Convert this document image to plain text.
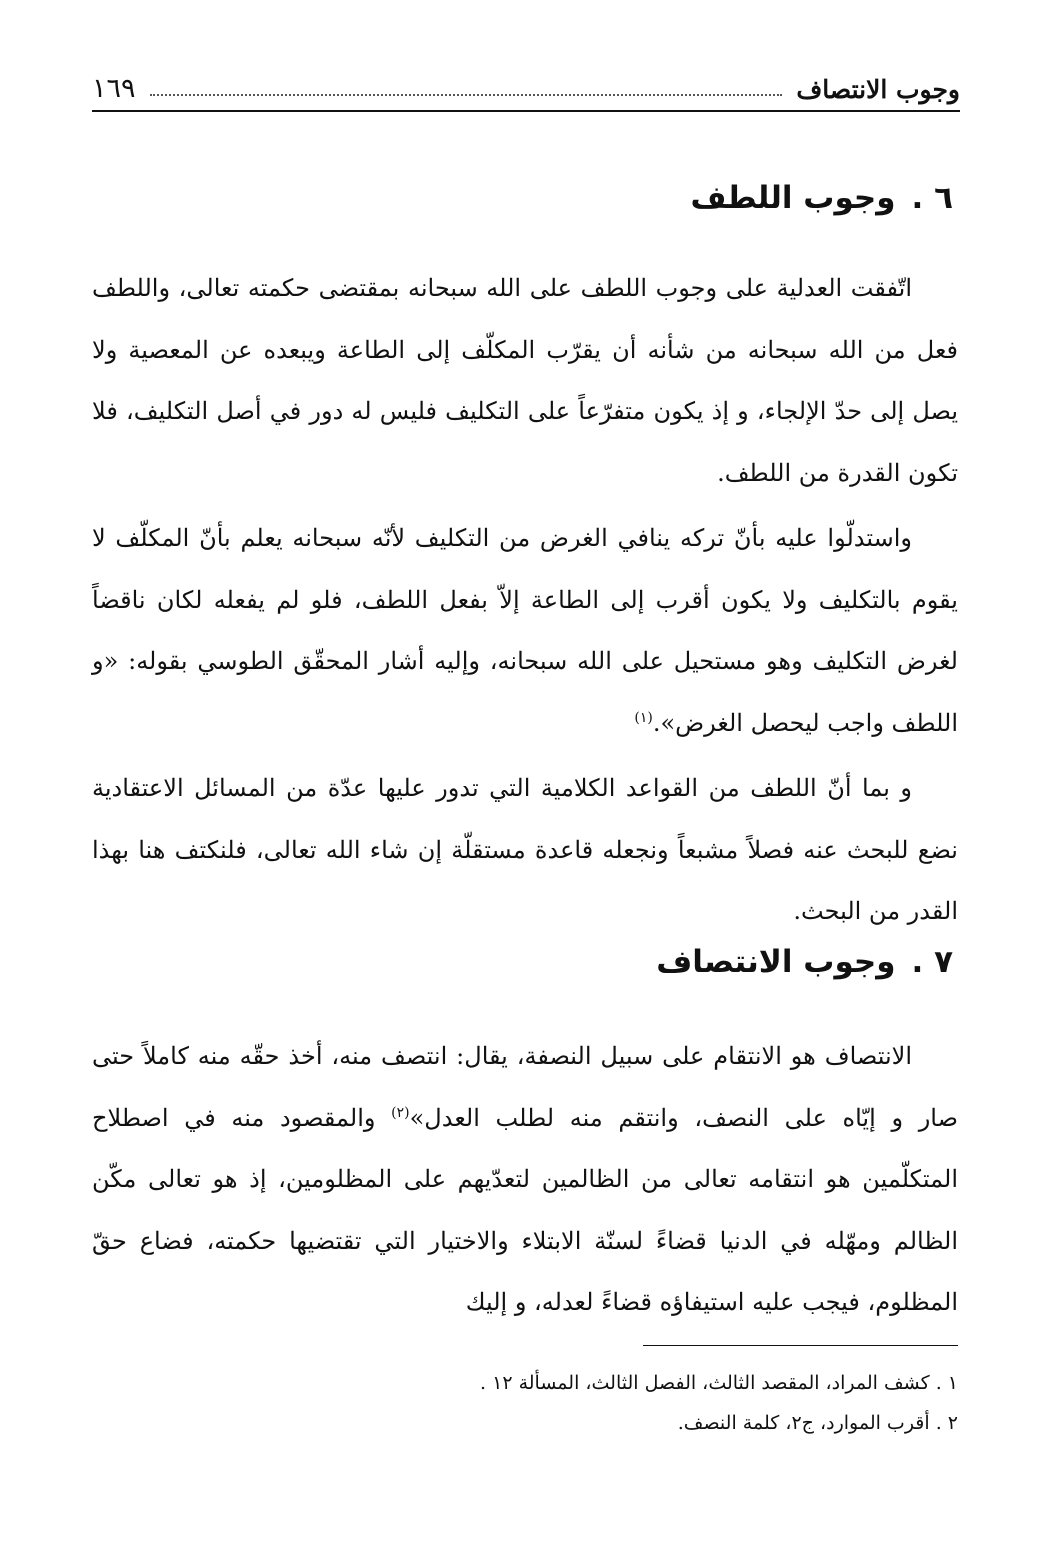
وجوب الانتصاف
١٦٩
٦ .وجوب اللطف

اتّفقت العدلية على وجوب اللطف على الله سبحانه بمقتضى حكمته تعالى، واللطف فعل من الله سبحانه من شأنه أن يقرّب المكلّف إلى الطاعة ويبعده عن المعصية ولا يصل إلى حدّ الإلجاء، و إذ يكون متفرّعاً على التكليف فليس له دور في أصل التكليف، فلا تكون القدرة من اللطف.

واستدلّوا عليه بأنّ تركه ينافي الغرض من التكليف لأنّه سبحانه يعلم بأنّ المكلّف لا يقوم بالتكليف ولا يكون أقرب إلى الطاعة إلاّ بفعل اللطف، فلو لم يفعله لكان ناقضاً لغرض التكليف وهو مستحيل على الله سبحانه، وإليه أشار المحقّق الطوسي بقوله: «و اللطف واجب ليحصل الغرض».$^{(١)}$

و بما أنّ اللطف من القواعد الكلامية التي تدور عليها عدّة من المسائل الاعتقادية نضع للبحث عنه فصلاً مشبعاً ونجعله قاعدة مستقلّة إن شاء الله تعالى، فلنكتف هنا بهذا القدر من البحث.

٧ .وجوب الانتصاف

الانتصاف هو الانتقام على سبيل النصفة، يقال: انتصف منه، أخذ حقّه منه كاملاً حتى صار و إيّاه على النصف، وانتقم منه لطلب العدل»$^{(٢)}$ والمقصود منه في اصطلاح المتكلّمين هو انتقامه تعالى من الظالمين لتعدّيهم على المظلومين، إذ هو تعالى مكّن الظالم ومهّله في الدنيا قضاءً لسنّة الابتلاء والاختيار التي تقتضيها حكمته، فضاع حقّ المظلوم، فيجب عليه استيفاؤه قضاءً لعدله، و إليك

١ . كشف المراد، المقصد الثالث، الفصل الثالث، المسألة ١٢ .
٢ . أقرب الموارد، ج٢، كلمة النصف.
